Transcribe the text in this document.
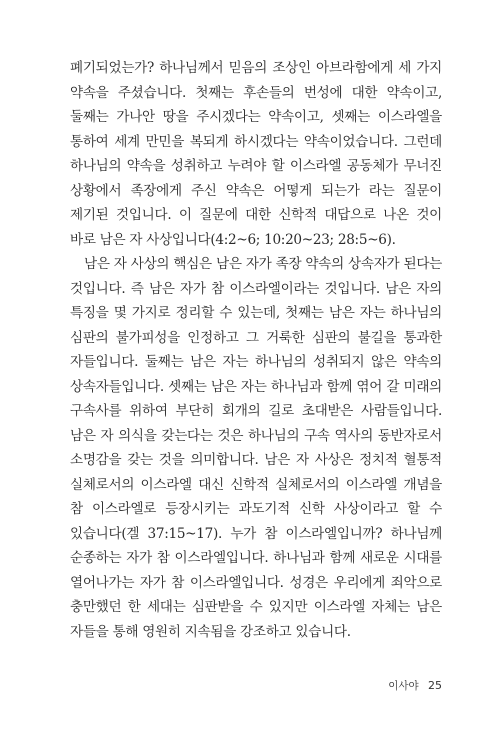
폐기되었는가? 하나님께서 믿음의 조상인 아브라함에게 세 가지 약속을 주셨습니다. 첫째는 후손들의 번성에 대한 약속이고, 둘째는 가나안 땅을 주시겠다는 약속이고, 셋째는 이스라엘을 통하여 세계 만민을 복되게 하시겠다는 약속이었습니다. 그런데 하나님의 약속을 성취하고 누려야 할 이스라엘 공동체가 무너진 상황에서 족장에게 주신 약속은 어떻게 되는가 라는 질문이 제기된 것입니다. 이 질문에 대한 신학적 대답으로 나온 것이 바로 남은 자 사상입니다(4:2~6; 10:20~23; 28:5~6).

남은 자 사상의 핵심은 남은 자가 족장 약속의 상속자가 된다는 것입니다. 즉 남은 자가 참 이스라엘이라는 것입니다. 남은 자의 특징을 몇 가지로 정리할 수 있는데, 첫째는 남은 자는 하나님의 심판의 불가피성을 인정하고 그 거룩한 심판의 불길을 통과한 자들입니다. 둘째는 남은 자는 하나님의 성취되지 않은 약속의 상속자들입니다. 셋째는 남은 자는 하나님과 함께 엮어 갈 미래의 구속사를 위하여 부단히 회개의 길로 초대받은 사람들입니다. 남은 자 의식을 갖는다는 것은 하나님의 구속 역사의 동반자로서 소명감을 갖는 것을 의미합니다. 남은 자 사상은 정치적 혈통적 실체로서의 이스라엘 대신 신학적 실체로서의 이스라엘 개념을 참 이스라엘로 등장시키는 과도기적 신학 사상이라고 할 수 있습니다(겔 37:15~17). 누가 참 이스라엘입니까? 하나님께 순종하는 자가 참 이스라엘입니다. 하나님과 함께 새로운 시대를 열어나가는 자가 참 이스라엘입니다. 성경은 우리에게 죄악으로 충만했던 한 세대는 심판받을 수 있지만 이스라엘 자체는 남은 자들을 통해 영원히 지속됨을 강조하고 있습니다.

이사야 25
